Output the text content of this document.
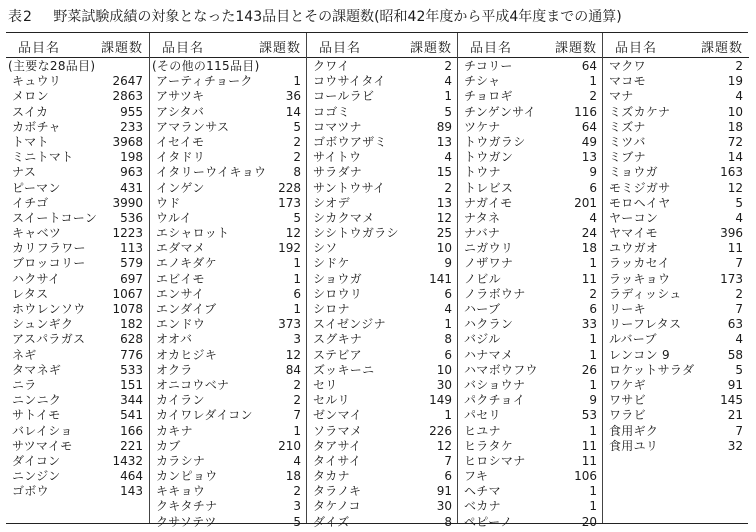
表2 野菜試験成績の対象となった143品目とその課題数(昭和42年度から平成4年度までの通算)
品目名	課題数
(主要な28品目)
キュウリ	2647
メロン	2863
スイカ	955
カボチャ	233
トマト	3968
ミニトマト	198
ナス	963
ピーマン	431
イチゴ	3990
スイートコーン 536
キャベツ	1223
カリフラワー	113
ブロッコリー	579
ハクサイ	697
レタス	1067
ホウレンソウ 1078
シュンギク	182
アスパラガス	628
ネギ	776
タマネギ	533
ニラ	151
ニンニク	344
サトイモ	541
バレイショ	166
サツマイモ	221
ダイコン	1432
ニンジン	464
ゴボウ	143
品目名	課題数
(その他の115品目)
アーティチョーク	1
アサツキ	36
アシタバ	14
アマランサス	5
イセイモ	2
イタドリ	2
イタリーウイキョウ 8
インゲン	228
ウド	173
ウルイ	5
エシャロット	12
エダマメ	192
エノキダケ	1
エビイモ	1
エンサイ	6
エンダイブ	1
エンドウ	373
オオバ	3
オカヒジキ	12
オクラ	84
オニコウベナ	2
カイラン	2
カイワレダイコン	7
カキナ	1
カブ	210
カラシナ	4
カンピョウ	18
キキョウ	2
クキタチナ	3
クサソテツ	5
品目名	課題数
クワイ	2
コウサイタイ	4
コールラビ	1
コゴミ	5
コマツナ	89
ゴボウアザミ	13
サイトウ	4
サラダナ	15
サントウサイ	2
シオデ	13
シカクマメ	12
シシトウガラシ	25
シソ	10
シドケ	9
ショウガ	141
シロウリ	6
シロナ	4
スイゼンジナ	1
スグキナ	8
ステビア	6
ズッキーニ	10
セリ	30
セルリ	149
ゼンマイ	1
ソラマメ	226
タアサイ	12
タイサイ	7
タカナ	6
タラノキ	91
タケノコ	30
ダイズ	8
品目名	課題数
チコリー	64
チシャ	1
チョロギ	2
チンゲンサイ	116
ツケナ	64
トウガラシ	49
トウガン	13
トウナ	9
トレビス	6
ナガイモ	201
ナタネ	4
ナバナ	24
ニガウリ	18
ノザワナ	1
ノビル	11
ノラボウナ	2
ハーブ	6
ハクラン	33
バジル	1
ハナマメ	1
ハマボウフウ	26
バショウナ	1
パクチョイ	9
パセリ	53
ヒユナ	1
ヒラタケ	11
ヒロシマナ	11
フキ	106
ヘチマ	1
ベカナ	1
ペピーノ	20
品目名	課題数
マクワ	2
マコモ	19
マナ	4
ミズカケナ	10
ミズナ	18
ミツバ	72
ミブナ	14
ミョウガ	163
モミジガサ	12
モロヘイヤ	5
ヤーコン	4
ヤマイモ	396
ユウガオ	11
ラッカセイ	7
ラッキョウ	173
ラディッシュ	2
リーキ	7
リーフレタス	63
ルバーブ	4
レンコン 9	58
ロケットサラダ	5
ワケギ	91
ワサビ	145
ワラビ	21
食用ギク	7
食用ユリ	32
